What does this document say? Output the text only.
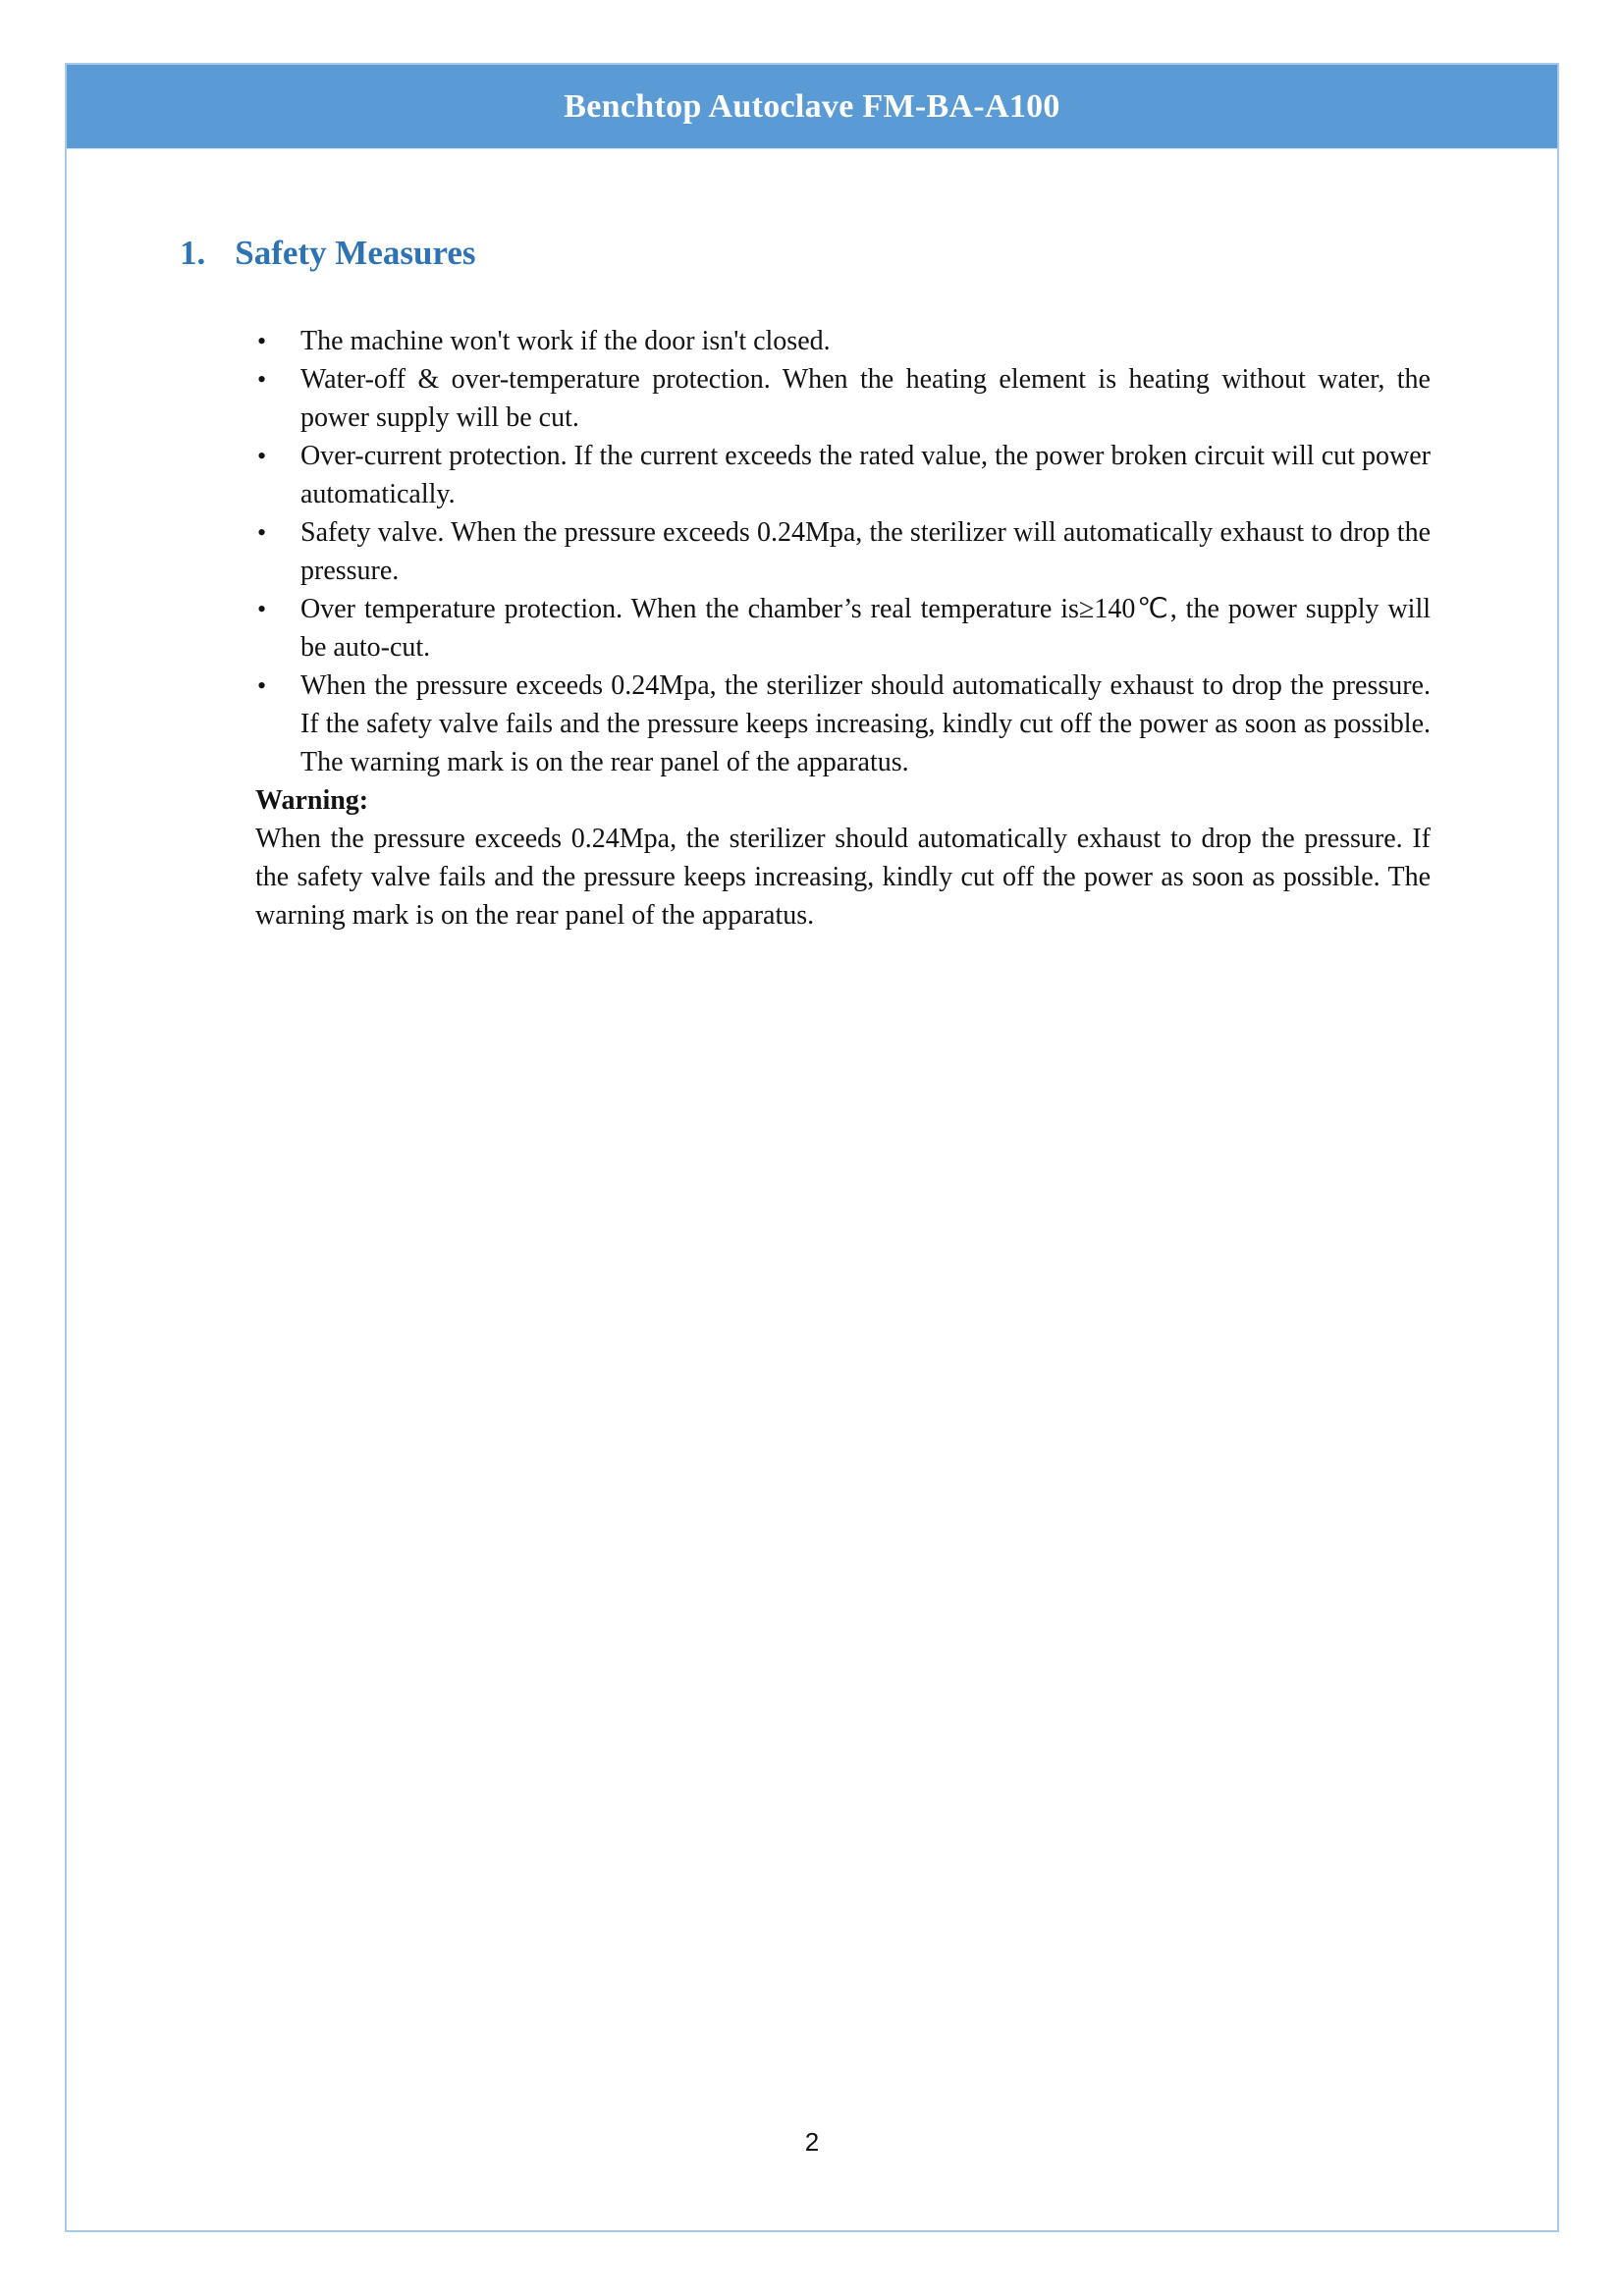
Benchtop Autoclave FM-BA-A100
1. Safety Measures
• The machine won't work if the door isn't closed.
• Water-off & over-temperature protection. When the heating element is heating without water, the power supply will be cut.
• Over-current protection. If the current exceeds the rated value, the power broken circuit will cut power automatically.
• Safety valve. When the pressure exceeds 0.24Mpa, the sterilizer will automatically exhaust to drop the pressure.
• Over temperature protection. When the chamber’s real temperature is≥140℃, the power supply will be auto-cut.
• When the pressure exceeds 0.24Mpa, the sterilizer should automatically exhaust to drop the pressure. If the safety valve fails and the pressure keeps increasing, kindly cut off the power as soon as possible. The warning mark is on the rear panel of the apparatus.
Warning:
When the pressure exceeds 0.24Mpa, the sterilizer should automatically exhaust to drop the pressure. If the safety valve fails and the pressure keeps increasing, kindly cut off the power as soon as possible. The warning mark is on the rear panel of the apparatus.
2
